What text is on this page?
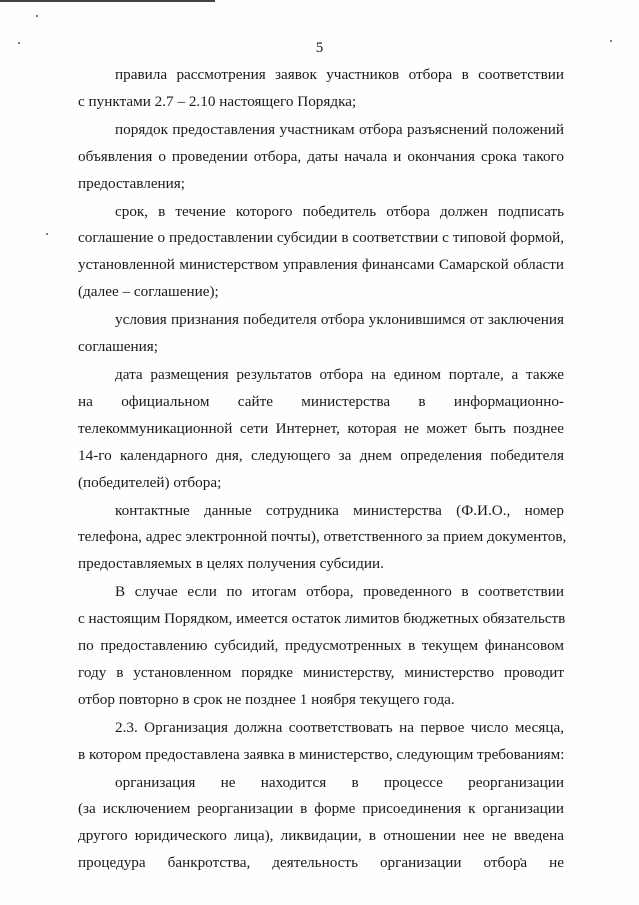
5

правила рассмотрения заявок участников отбора в соответствии
с пунктами 2.7 – 2.10 настоящего Порядка;

порядок предоставления участникам отбора разъяснений положений
объявления о проведении отбора, даты начала и окончания срока такого
предоставления;

срок, в течение которого победитель отбора должен подписать
соглашение о предоставлении субсидии в соответствии с типовой формой,
установленной министерством управления финансами Самарской области
(далее – соглашение);

условия признания победителя отбора уклонившимся от заключения
соглашения;

дата размещения результатов отбора на едином портале, а также
на официальном сайте министерства в информационно-
телекоммуникационной сети Интернет, которая не может быть позднее
14-го календарного дня, следующего за днем определения победителя
(победителей) отбора;

контактные данные сотрудника министерства (Ф.И.О., номер
телефона, адрес электронной почты), ответственного за прием документов,
предоставляемых в целях получения субсидии.

В случае если по итогам отбора, проведенного в соответствии
с настоящим Порядком, имеется остаток лимитов бюджетных обязательств
по предоставлению субсидий, предусмотренных в текущем финансовом
году в установленном порядке министерству, министерство проводит
отбор повторно в срок не позднее 1 ноября текущего года.

2.3. Организация должна соответствовать на первое число месяца,
в котором предоставлена заявка в министерство, следующим требованиям:

организация не находится в процессе реорганизации
(за исключением реорганизации в форме присоединения к организации
другого юридического лица), ликвидации, в отношении нее не введена
процедура банкротства, деятельность организации отбора не
